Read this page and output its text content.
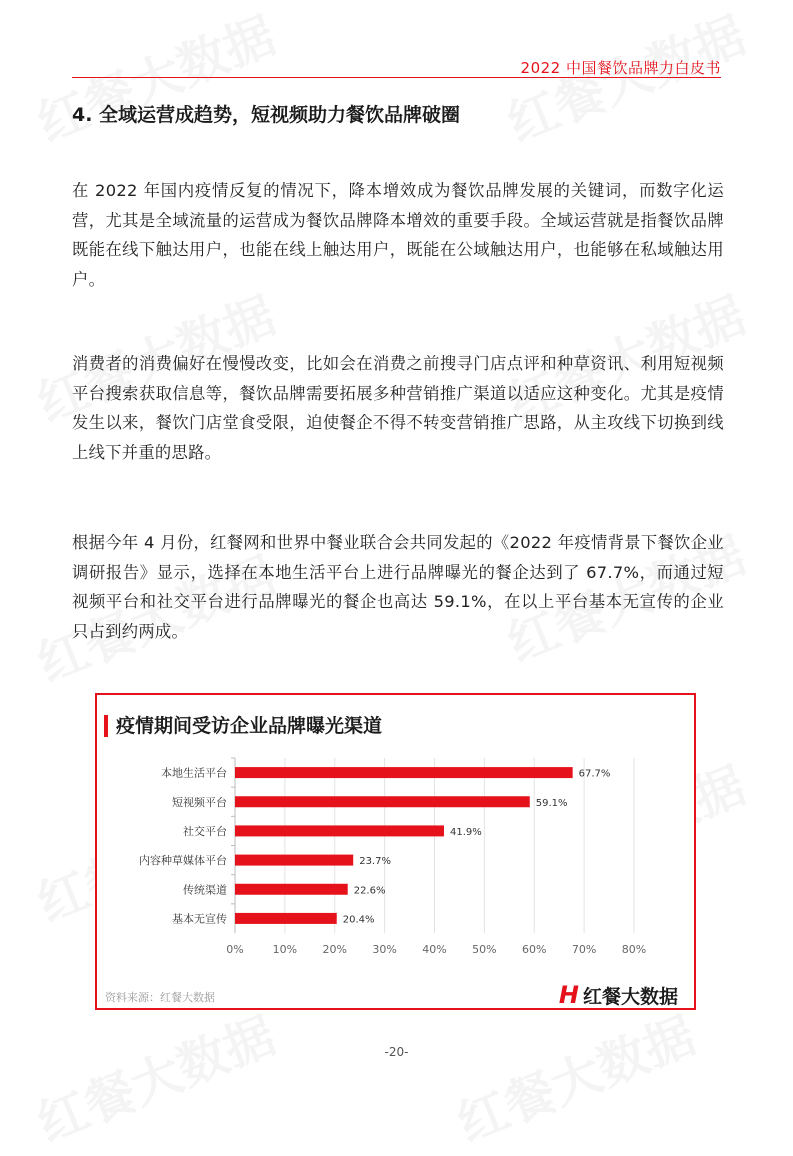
2022 中国餐饮品牌力白皮书
4. 全域运营成趋势，短视频助力餐饮品牌破圈

在 2022 年国内疫情反复的情况下，降本增效成为餐饮品牌发展的关键词，而数字化运营，尤其是全域流量的运营成为餐饮品牌降本增效的重要手段。全域运营就是指餐饮品牌既能在线下触达用户，也能在线上触达用户，既能在公域触达用户，也能够在私域触达用户。

消费者的消费偏好在慢慢改变，比如会在消费之前搜寻门店点评和种草资讯、利用短视频平台搜索获取信息等，餐饮品牌需要拓展多种营销推广渠道以适应这种变化。尤其是疫情发生以来，餐饮门店堂食受限，迫使餐企不得不转变营销推广思路，从主攻线下切换到线上线下并重的思路。

根据今年 4 月份，红餐网和世界中餐业联合会共同发起的《2022 年疫情背景下餐饮企业调研报告》显示，选择在本地生活平台上进行品牌曝光的餐企达到了 67.7%，而通过短视频平台和社交平台进行品牌曝光的餐企也高达 59.1%，在以上平台基本无宣传的企业只占到约两成。

疫情期间受访企业品牌曝光渠道
0%	10% 20% 30% 40% 50% 60% 70% 80%
本地生活平台	67.7%
短视频平台	59.1%
社交平台	41.9%
内容种草媒体平台	23.7%
传统渠道	22.6%
基本无宣传	20.4%
资料来源：红餐大数据	H 红餐大数据
-20-
